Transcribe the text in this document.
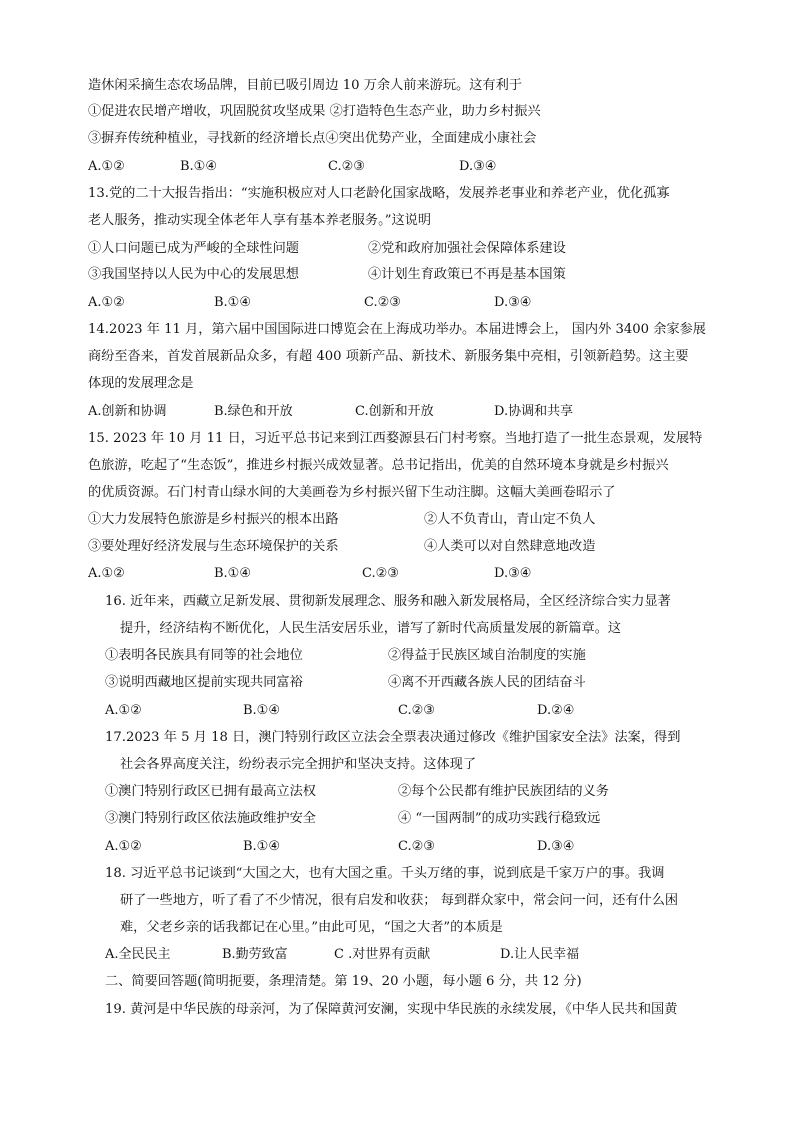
造休闲采摘生态农场品牌，目前已吸引周边 10 万余人前来游玩。这有利于
①促进农民增产增收，巩固脱贫攻坚成果 ②打造特色生态产业，助力乡村振兴
③摒弃传统种植业，寻找新的经济增长点④突出优势产业，全面建成小康社会
A.①②	B.①④	C.②③	D.③④
13.党的二十大报告指出：“实施积极应对人口老龄化国家战略，发展养老事业和养老产业，优化孤寡
老人服务，推动实现全体老年人享有基本养老服务。”这说明
①人口问题已成为严峻的全球性问题	②党和政府加强社会保障体系建设
③我国坚持以人民为中心的发展思想	④计划生育政策已不再是基本国策
A.①②	B.①④	C.②③	D.③④
14.2023 年 11 月，第六届中国国际进口博览会在上海成功举办。本届进博会上， 国内外 3400 余家参展
商纷至沓来，首发首展新品众多，有超 400 项新产品、新技术、新服务集中亮相，引领新趋势。这主要
体现的发展理念是
A.创新和协调	B.绿色和开放	C.创新和开放	D.协调和共享
15. 2023 年 10 月 11 日，习近平总书记来到江西婺源县石门村考察。当地打造了一批生态景观，发展特
色旅游，吃起了“生态饭”，推进乡村振兴成效显著。总书记指出，优美的自然环境本身就是乡村振兴
的优质资源。石门村青山绿水间的大美画卷为乡村振兴留下生动注脚。这幅大美画卷昭示了
①大力发展特色旅游是乡村振兴的根本出路	②人不负青山，青山定不负人
③要处理好经济发展与生态环境保护的关系	④人类可以对自然肆意地改造
A.①②	B.①④	C.②③	D.③④
16. 近年来，西藏立足新发展、贯彻新发展理念、服务和融入新发展格局，全区经济综合实力显著
提升，经济结构不断优化，人民生活安居乐业，谱写了新时代高质量发展的新篇章。这
①表明各民族具有同等的社会地位	②得益于民族区域自治制度的实施
③说明西藏地区提前实现共同富裕	④离不开西藏各族人民的团结奋斗
A.①②	B.①④	C.②③	D.②④
17.2023 年 5 月 18 日，澳门特别行政区立法会全票表决通过修改《维护国家安全法》法案，得到
社会各界高度关注，纷纷表示完全拥护和坚决支持。这体现了
①澳门特别行政区已拥有最高立法权	②每个公民都有维护民族团结的义务
③澳门特别行政区依法施政维护安全	④ “一国两制”的成功实践行稳致远
A.①②	B.①④	C.②③	D.③④
18. 习近平总书记谈到“大国之大，也有大国之重。千头万绪的事，说到底是千家万户的事。我调
研了一些地方，听了看了不少情况，很有启发和收获； 每到群众家中，常会问一问，还有什么困
难，父老乡亲的话我都记在心里。”由此可见，“国之大者”的本质是
A.全民民主	B.勤劳致富	C .对世界有贡献	D.让人民幸福
二、简要回答题(简明扼要，条理清楚。第 19、20 小题，每小题 6 分，共 12 分)
19. 黄河是中华民族的母亲河，为了保障黄河安澜，实现中华民族的永续发展，《中华人民共和国黄
